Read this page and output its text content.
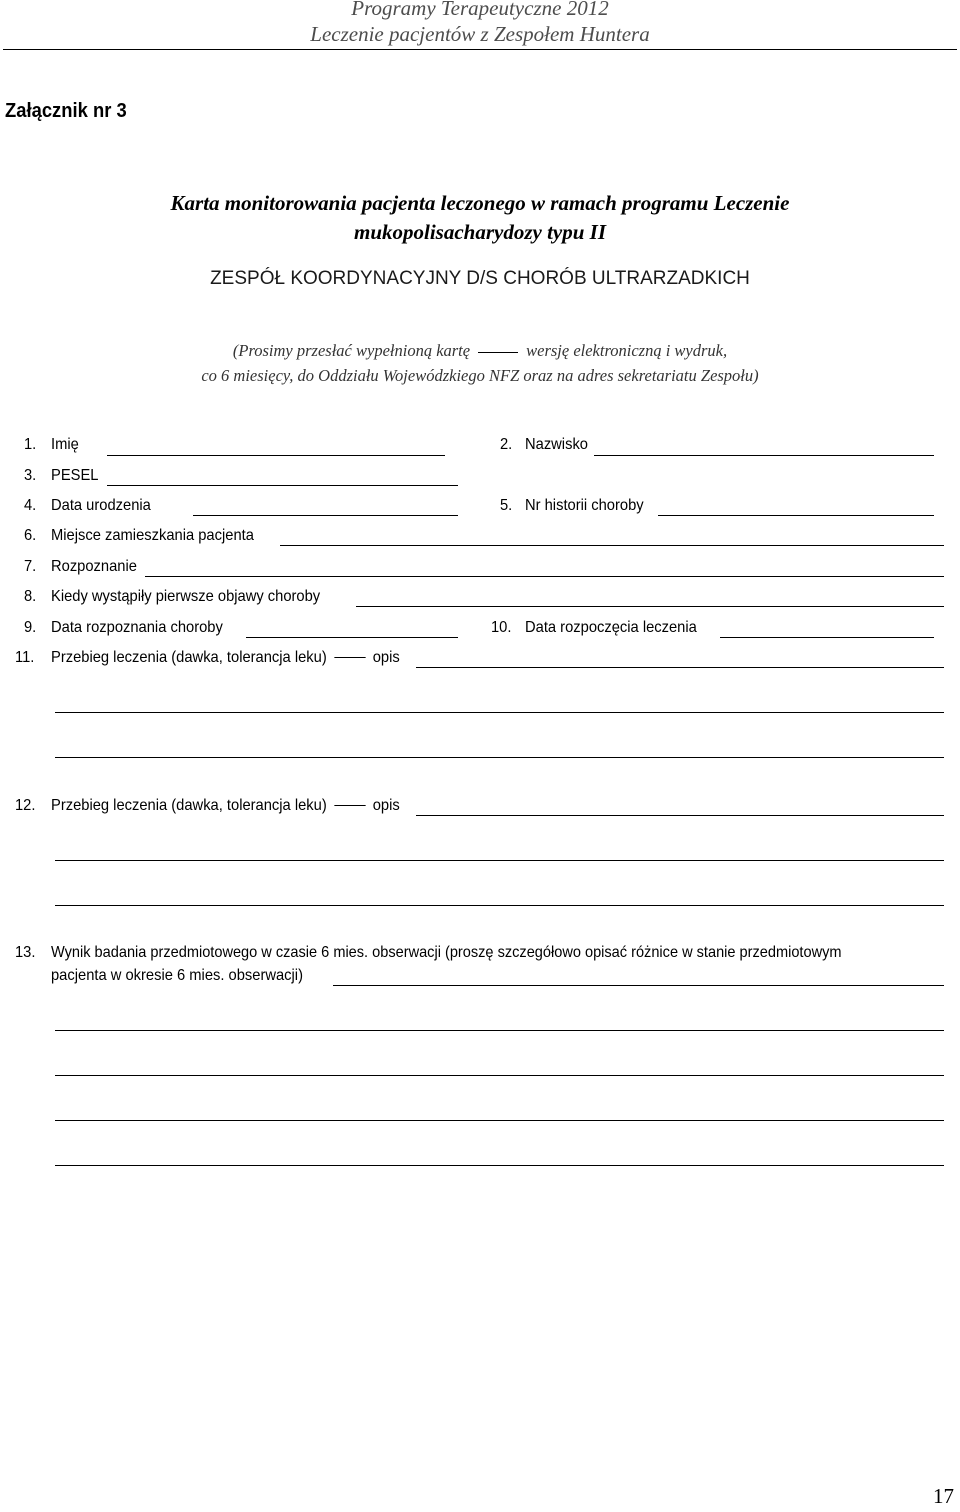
Programy Terapeutyczne 2012
Leczenie pacjentów z Zespołem Huntera
Załącznik nr 3
Karta monitorowania pacjenta leczonego w ramach programu Leczenie
mukopolisacharydozy typu II
ZESPÓŁ KOORDYNACYJNY D/S CHORÓB ULTRARZADKICH
(Prosimy przesłać wypełnioną kartę	wersję elektroniczną i wydruk,
co 6 miesięcy, do Oddziału Wojewódzkiego NFZ oraz na adres sekretariatu Zespołu)
1. Imię	2. Nazwisko
3. PESEL
4. Data urodzenia	5. Nr historii choroby
6. Miejsce zamieszkania pacjenta
7. Rozpoznanie
8. Kiedy wystąpiły pierwsze objawy choroby
9. Data rozpoznania choroby	10. Data rozpoczęcia leczenia
11. Przebieg leczenia (dawka, tolerancja leku)	opis
12. Przebieg leczenia (dawka, tolerancja leku)	opis
13. Wynik badania przedmiotowego w czasie 6 mies. obserwacji (proszę szczegółowo opisać różnice w stanie przedmiotowym
pacjenta w okresie 6 mies. obserwacji)
17
